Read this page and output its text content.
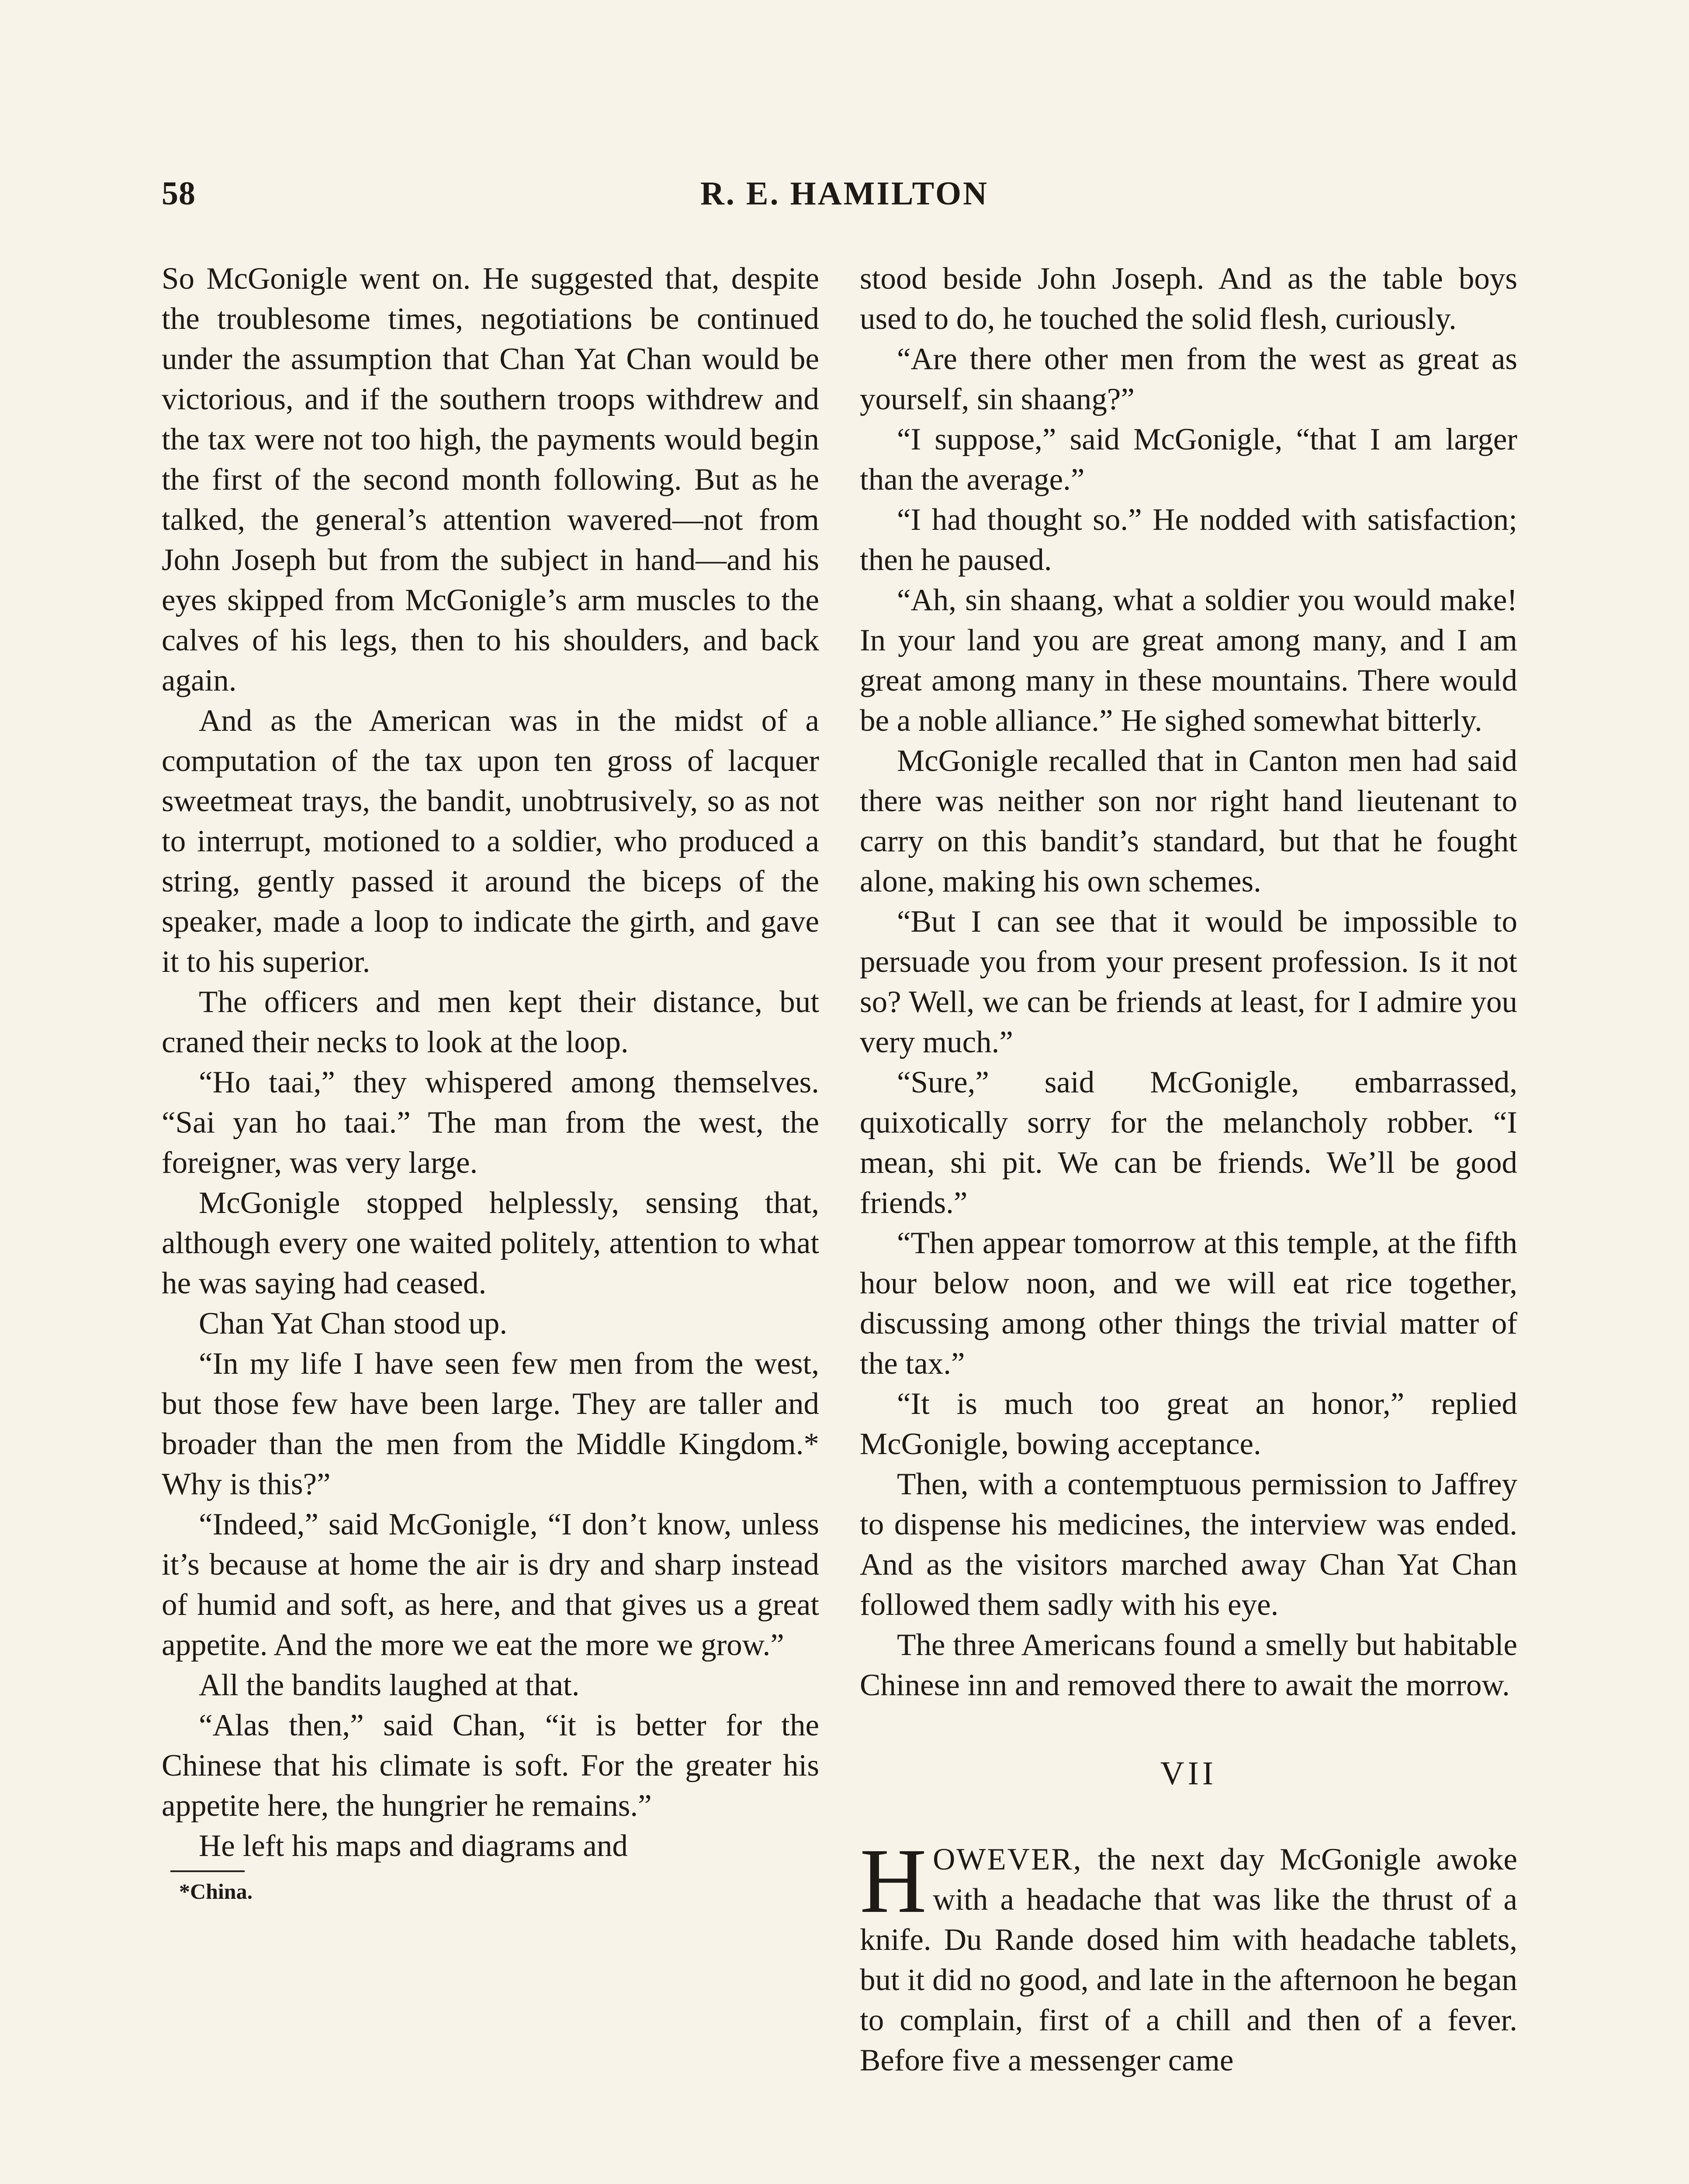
58	R. E. HAMILTON

So McGonigle went on. He suggested that, despite the troublesome times, negotiations be continued under the assumption that Chan Yat Chan would be victorious, and if the southern troops withdrew and the tax were not too high, the payments would begin the first of the second month following. But as he talked, the general’s attention wavered—not from John Joseph but from the subject in hand—and his eyes skipped from McGonigle’s arm muscles to the calves of his legs, then to his shoulders, and back again.

And as the American was in the midst of a computation of the tax upon ten gross of lacquer sweetmeat trays, the bandit, unobtrusively, so as not to interrupt, motioned to a soldier, who produced a string, gently passed it around the biceps of the speaker, made a loop to indicate the girth, and gave it to his superior.

The officers and men kept their distance, but craned their necks to look at the loop.

“Ho taai,” they whispered among themselves. “Sai yan ho taai.” The man from the west, the foreigner, was very large.

McGonigle stopped helplessly, sensing that, although every one waited politely, attention to what he was saying had ceased.

Chan Yat Chan stood up.

“In my life I have seen few men from the west, but those few have been large. They are taller and broader than the men from the Middle Kingdom.* Why is this?”

“Indeed,” said McGonigle, “I don’t know, unless it’s because at home the air is dry and sharp instead of humid and soft, as here, and that gives us a great appetite. And the more we eat the more we grow.”

All the bandits laughed at that.

“Alas then,” said Chan, “it is better for the Chinese that his climate is soft. For the greater his appetite here, the hungrier he remains.”

He left his maps and diagrams and

*China.

stood beside John Joseph. And as the table boys used to do, he touched the solid flesh, curiously.

“Are there other men from the west as great as yourself, sin shaang?”

“I suppose,” said McGonigle, “that I am larger than the average.”

“I had thought so.” He nodded with satisfaction; then he paused.

“Ah, sin shaang, what a soldier you would make! In your land you are great among many, and I am great among many in these mountains. There would be a noble alliance.” He sighed somewhat bitterly.

McGonigle recalled that in Canton men had said there was neither son nor right hand lieutenant to carry on this bandit’s standard, but that he fought alone, making his own schemes.

“But I can see that it would be impossible to persuade you from your present profession. Is it not so? Well, we can be friends at least, for I admire you very much.”

“Sure,” said McGonigle, embarrassed, quixotically sorry for the melancholy robber. “I mean, shi pit. We can be friends. We’ll be good friends.”

“Then appear tomorrow at this temple, at the fifth hour below noon, and we will eat rice together, discussing among other things the trivial matter of the tax.”

“It is much too great an honor,” replied McGonigle, bowing acceptance.

Then, with a contemptuous permission to Jaffrey to dispense his medicines, the interview was ended. And as the visitors marched away Chan Yat Chan followed them sadly with his eye.

The three Americans found a smelly but habitable Chinese inn and removed there to await the morrow.

VII

HOWEVER, the next day McGonigle awoke with a headache that was like the thrust of a knife. Du Rande dosed him with headache tablets, but it did no good, and late in the afternoon he began to complain, first of a chill and then of a fever. Before five a messenger came
